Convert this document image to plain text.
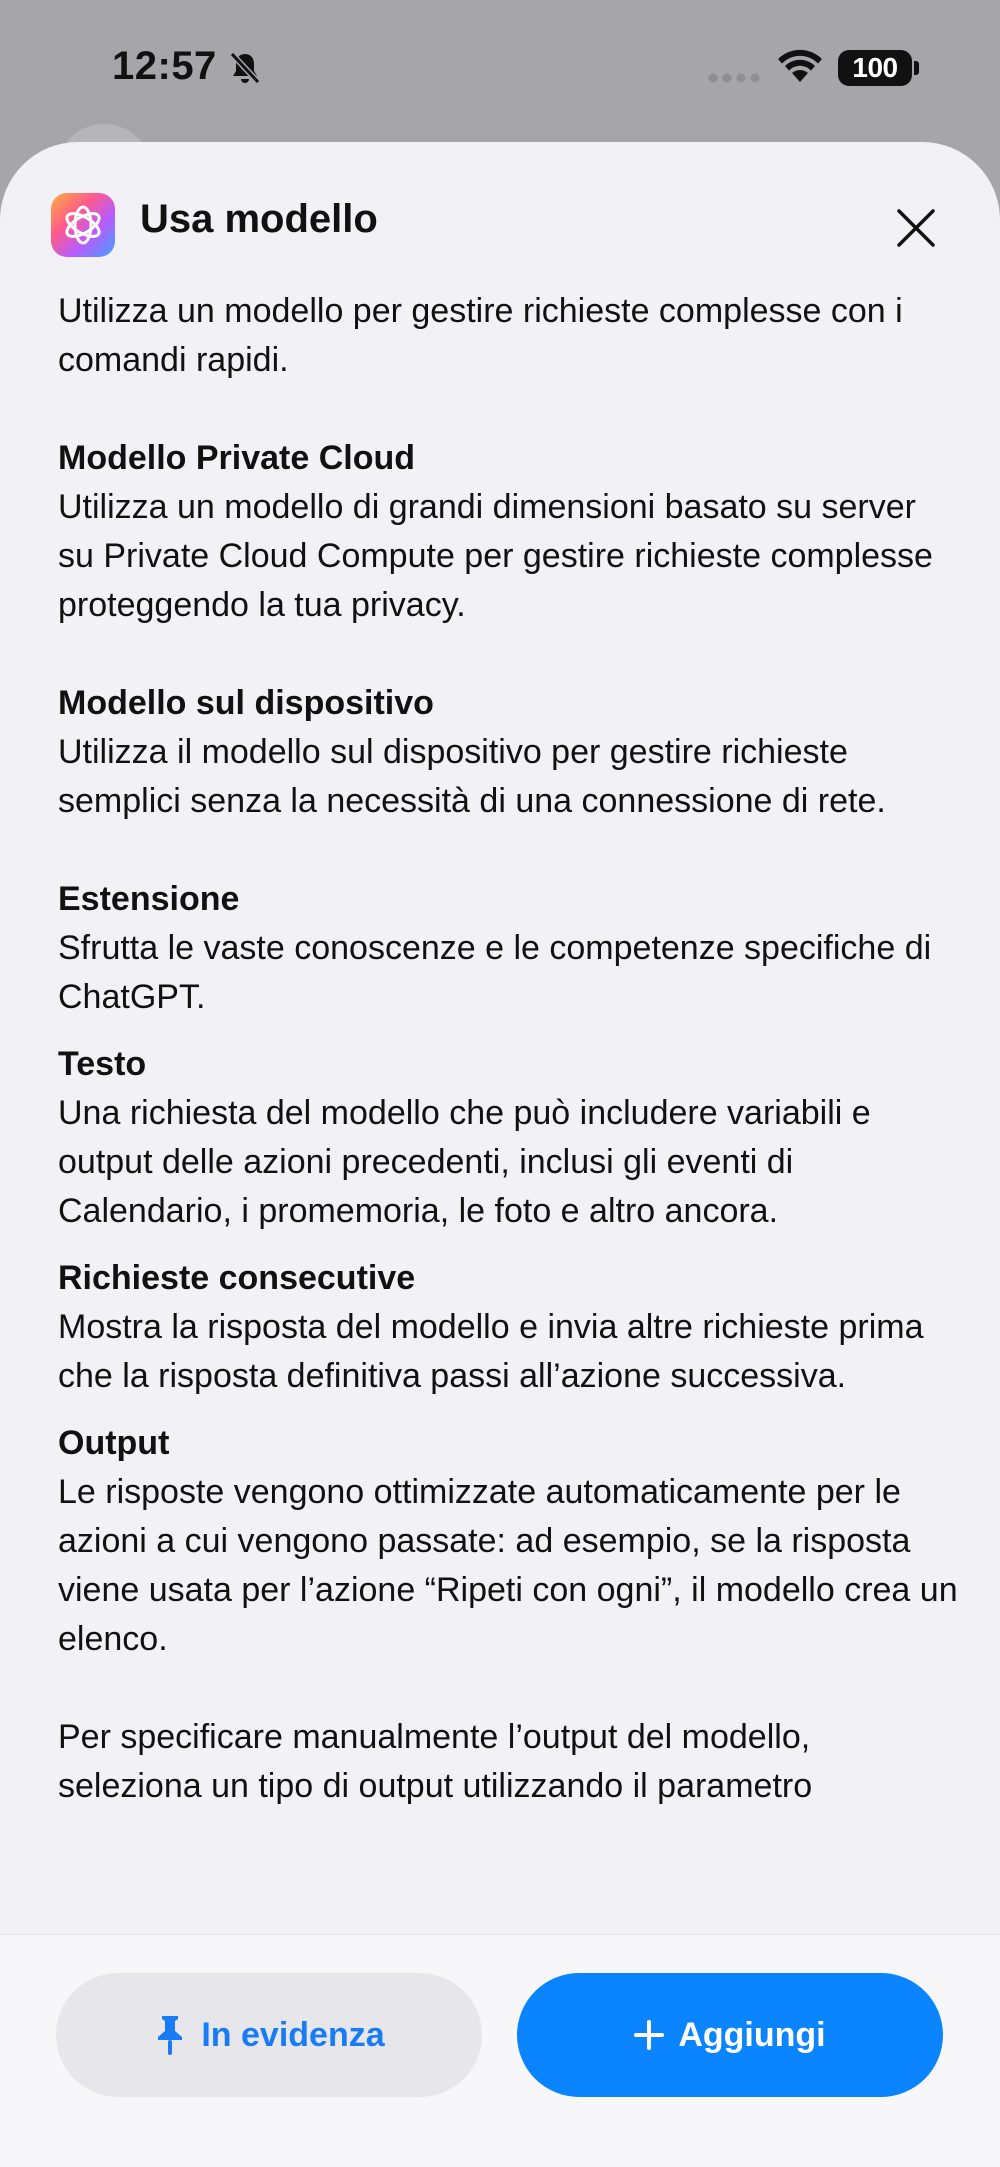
12:57	100
Usa modello

Utilizza un modello per gestire richieste complesse con i comandi rapidi.

Modello Private Cloud

Utilizza un modello di grandi dimensioni basato su server su Private Cloud Compute per gestire richieste complesse proteggendo la tua privacy.

Modello sul dispositivo

Utilizza il modello sul dispositivo per gestire richieste semplici senza la necessità di una connessione di rete.

Estensione

Sfrutta le vaste conoscenze e le competenze specifiche di ChatGPT.

Testo

Una richiesta del modello che può includere variabili e output delle azioni precedenti, inclusi gli eventi di Calendario, i promemoria, le foto e altro ancora.

Richieste consecutive

Mostra la risposta del modello e invia altre richieste prima che la risposta definitiva passi all’azione successiva.

Output

Le risposte vengono ottimizzate automaticamente per le azioni a cui vengono passate: ad esempio, se la risposta viene usata per l’azione “Ripeti con ogni”, il modello crea un elenco.

Per specificare manualmente l’output del modello, seleziona un tipo di output utilizzando il parametro

In evidenza	Aggiungi
